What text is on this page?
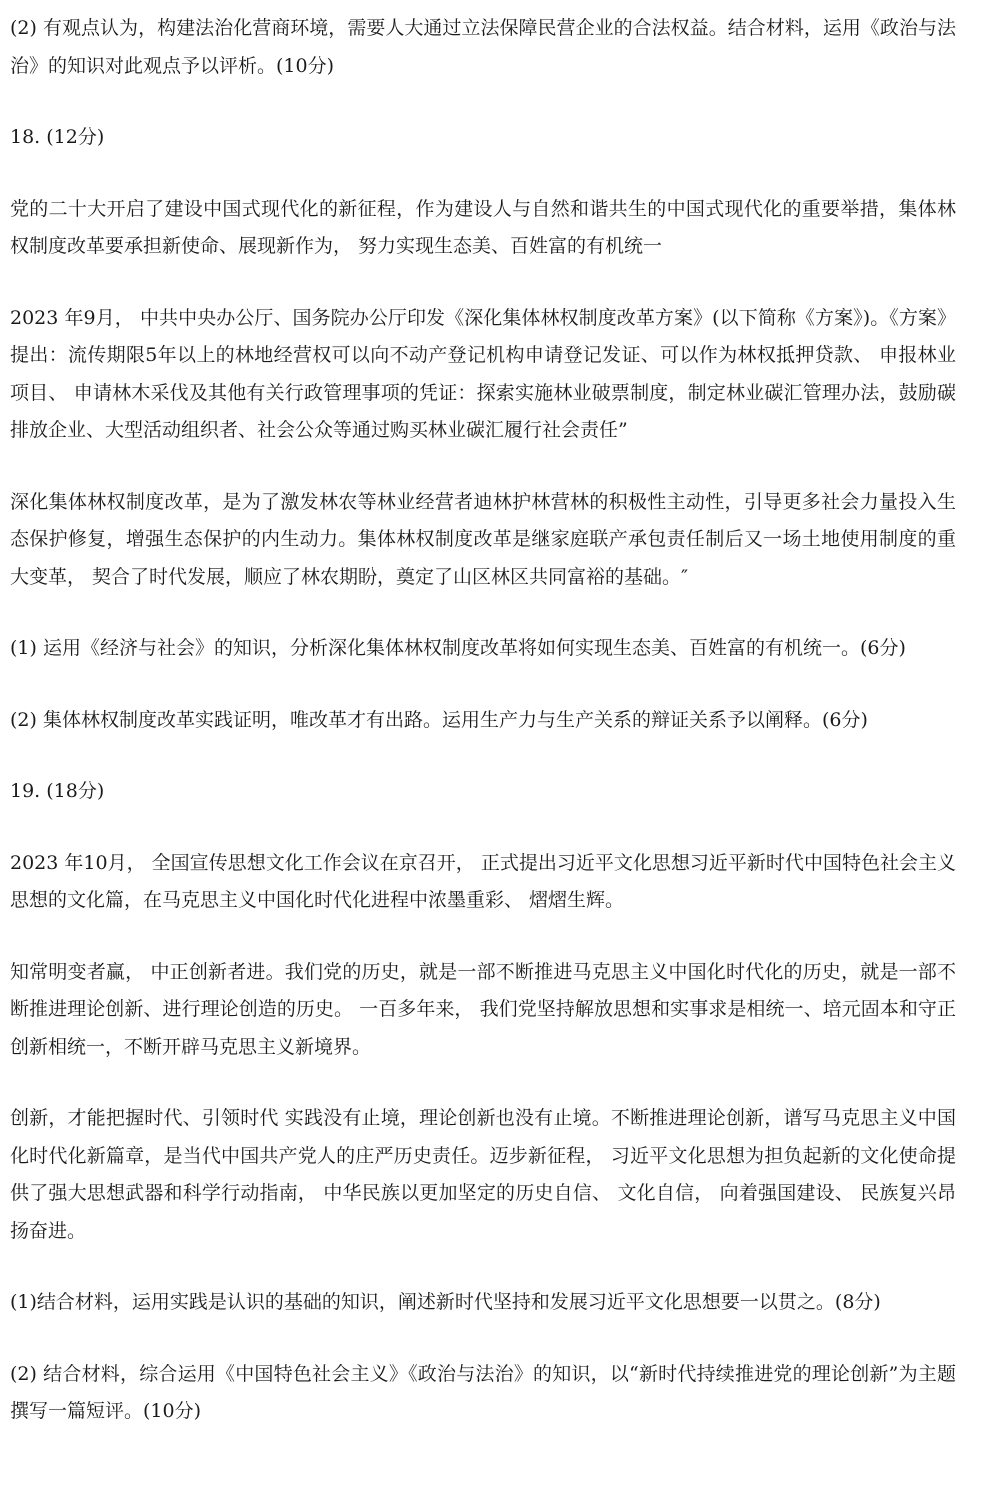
(2) 有观点认为，构建法治化营商环境，需要人大通过立法保障民营企业的合法权益。结合材料，运用《政治与法治》的知识对此观点予以评析。(10分)

18. (12分)

党的二十大开启了建设中国式现代化的新征程，作为建设人与自然和谐共生的中国式现代化的重要举措，集体林权制度改革要承担新使命、展现新作为， 努力实现生态美、百姓富的有机统一

2023 年9月， 中共中央办公厅、国务院办公厅印发《深化集体林权制度改革方案》(以下简称《方案》)。《方案》提出：流传期限5年以上的林地经营权可以向不动产登记机构申请登记发证、可以作为林权抵押贷款、 申报林业项目、 申请林木采伐及其他有关行政管理事项的凭证：探索实施林业破票制度，制定林业碳汇管理办法，鼓励碳排放企业、大型活动组织者、社会公众等通过购买林业碳汇履行社会责任”

深化集体林权制度改革，是为了激发林农等林业经营者迪林护林营林的积极性主动性，引导更多社会力量投入生态保护修复，增强生态保护的内生动力。集体林权制度改革是继家庭联产承包责任制后又一场土地使用制度的重大变革， 契合了时代发展，顺应了林农期盼，奠定了山区林区共同富裕的基础。″

(1) 运用《经济与社会》的知识，分析深化集体林权制度改革将如何实现生态美、百姓富的有机统一。(6分)

(2) 集体林权制度改革实践证明，唯改革才有出路。运用生产力与生产关系的辩证关系予以阐释。(6分)

19. (18分)

2023 年10月， 全国宣传思想文化工作会议在京召开， 正式提出习近平文化思想习近平新时代中国特色社会主义思想的文化篇，在马克思主义中国化时代化进程中浓墨重彩、 熠熠生辉。

知常明变者赢， 中正创新者进。我们党的历史，就是一部不断推进马克思主义中国化时代化的历史，就是一部不断推进理论创新、进行理论创造的历史。 一百多年来， 我们党坚持解放思想和实事求是相统一、培元固本和守正创新相统一，不断开辟马克思主义新境界。

创新，才能把握时代、引领时代 实践没有止境，理论创新也没有止境。不断推进理论创新，谱写马克思主义中国化时代化新篇章，是当代中国共产党人的庄严历史责任。迈步新征程， 习近平文化思想为担负起新的文化使命提供了强大思想武器和科学行动指南， 中华民族以更加坚定的历史自信、 文化自信， 向着强国建设、 民族复兴昂扬奋进。

(1)结合材料，运用实践是认识的基础的知识，阐述新时代坚持和发展习近平文化思想要一以贯之。(8分)

(2) 结合材料，综合运用《中国特色社会主义》《政治与法治》的知识，以“新时代持续推进党的理论创新”为主题撰写一篇短评。(10分)
